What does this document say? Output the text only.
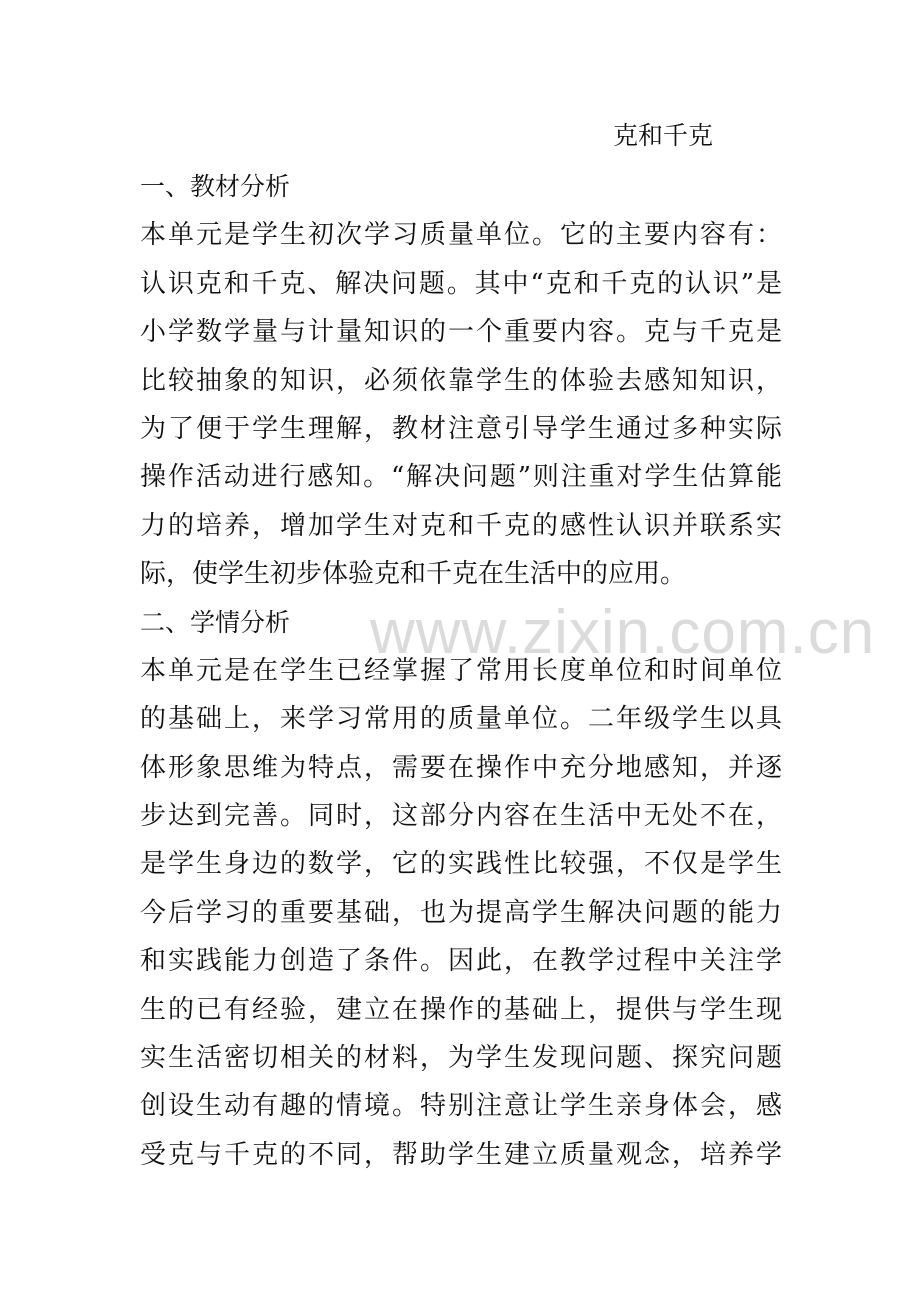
克和千克
一、教材分析
本单元是学生初次学习质量单位。它的主要内容有：
认识克和千克、解决问题。其中“克和千克的认识”是
小学数学量与计量知识的一个重要内容。克与千克是
比较抽象的知识，必须依靠学生的体验去感知知识，
为了便于学生理解，教材注意引导学生通过多种实际
操作活动进行感知。“解决问题”则注重对学生估算能
力的培养，增加学生对克和千克的感性认识并联系实
际，使学生初步体验克和千克在生活中的应用。
二、学情分析
本单元是在学生已经掌握了常用长度单位和时间单位
的基础上，来学习常用的质量单位。二年级学生以具
体形象思维为特点，需要在操作中充分地感知，并逐
步达到完善。同时，这部分内容在生活中无处不在，
是学生身边的数学，它的实践性比较强，不仅是学生
今后学习的重要基础，也为提高学生解决问题的能力
和实践能力创造了条件。因此，在教学过程中关注学
生的已有经验，建立在操作的基础上，提供与学生现
实生活密切相关的材料，为学生发现问题、探究问题
创设生动有趣的情境。特别注意让学生亲身体会，感
受克与千克的不同，帮助学生建立质量观念，培养学
www.zixin.com.cn
